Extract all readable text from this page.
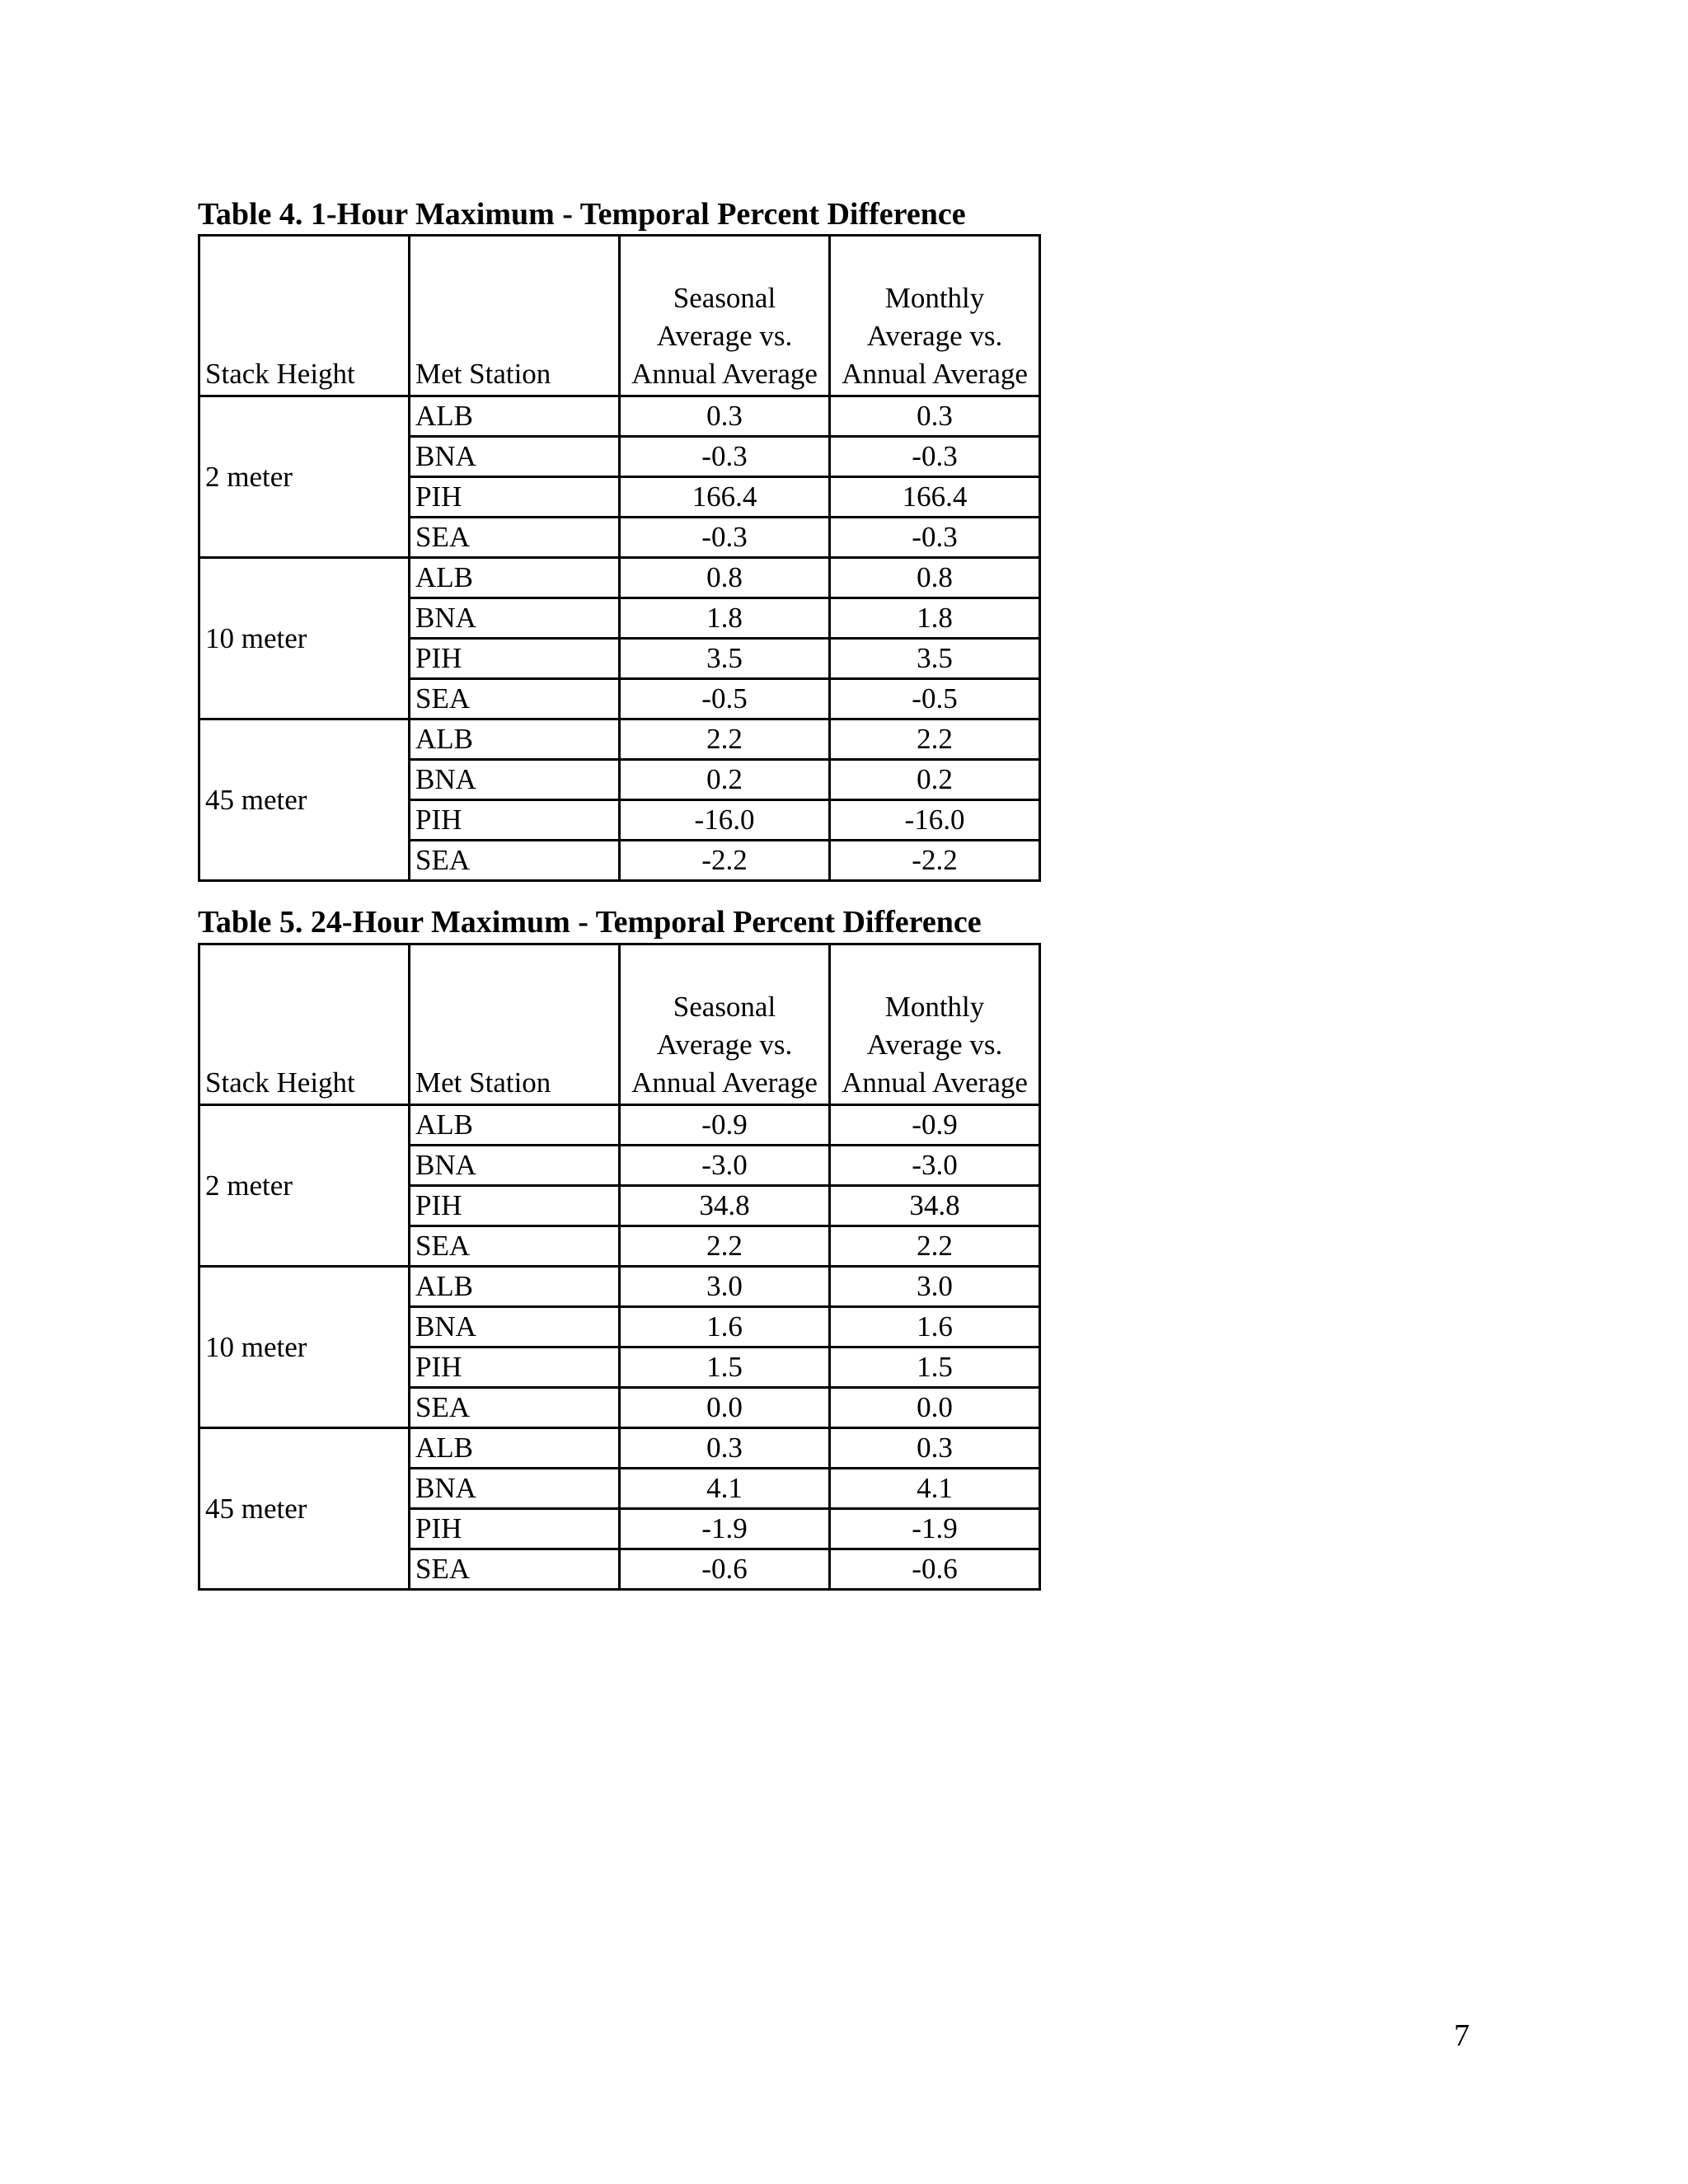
Table 4. 1-Hour Maximum - Temporal Percent Difference
Stack Height	Met Station	Seasonal Average vs. Annual Average	Monthly Average vs. Annual Average
2 meter	ALB	0.3	0.3
	BNA	-0.3	-0.3
	PIH	166.4	166.4
	SEA	-0.3	-0.3
10 meter	ALB	0.8	0.8
	BNA	1.8	1.8
	PIH	3.5	3.5
	SEA	-0.5	-0.5
45 meter	ALB	2.2	2.2
	BNA	0.2	0.2
	PIH	-16.0	-16.0
	SEA	-2.2	-2.2
Table 5. 24-Hour Maximum - Temporal Percent Difference
Stack Height	Met Station	Seasonal Average vs. Annual Average	Monthly Average vs. Annual Average
2 meter	ALB	-0.9	-0.9
	BNA	-3.0	-3.0
	PIH	34.8	34.8
	SEA	2.2	2.2
10 meter	ALB	3.0	3.0
	BNA	1.6	1.6
	PIH	1.5	1.5
	SEA	0.0	0.0
45 meter	ALB	0.3	0.3
	BNA	4.1	4.1
	PIH	-1.9	-1.9
	SEA	-0.6	-0.6
7
